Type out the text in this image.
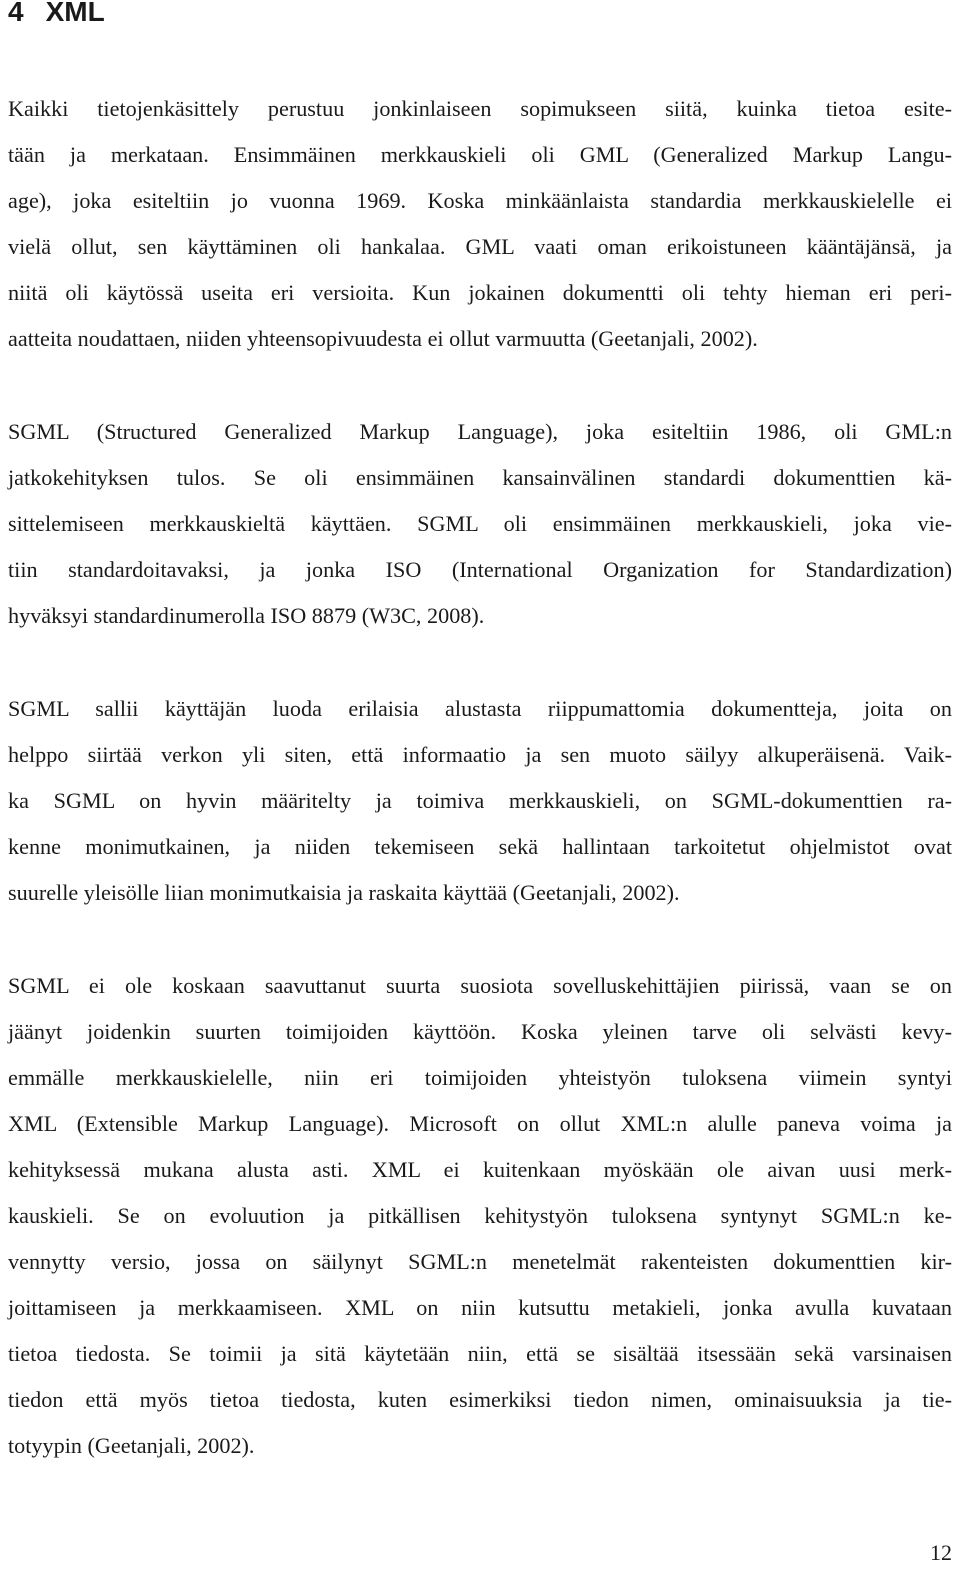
4 XML
Kaikki tietojenkäsittely perustuu jonkinlaiseen sopimukseen siitä, kuinka tietoa esite-
tään ja merkataan. Ensimmäinen merkkauskieli oli GML (Generalized Markup Langu-
age), joka esiteltiin jo vuonna 1969. Koska minkäänlaista standardia merkkauskielelle ei
vielä ollut, sen käyttäminen oli hankalaa. GML vaati oman erikoistuneen kääntäjänsä, ja
niitä oli käytössä useita eri versioita. Kun jokainen dokumentti oli tehty hieman eri peri-
aatteita noudattaen, niiden yhteensopivuudesta ei ollut varmuutta (Geetanjali, 2002).
SGML (Structured Generalized Markup Language), joka esiteltiin 1986, oli GML:n
jatkokehityksen tulos. Se oli ensimmäinen kansainvälinen standardi dokumenttien kä-
sittelemiseen merkkauskieltä käyttäen. SGML oli ensimmäinen merkkauskieli, joka vie-
tiin standardoitavaksi, ja jonka ISO (International Organization for Standardization)
hyväksyi standardinumerolla ISO 8879 (W3C, 2008).
SGML sallii käyttäjän luoda erilaisia alustasta riippumattomia dokumentteja, joita on
helppo siirtää verkon yli siten, että informaatio ja sen muoto säilyy alkuperäisenä. Vaik-
ka SGML on hyvin määritelty ja toimiva merkkauskieli, on SGML-dokumenttien ra-
kenne monimutkainen, ja niiden tekemiseen sekä hallintaan tarkoitetut ohjelmistot ovat
suurelle yleisölle liian monimutkaisia ja raskaita käyttää (Geetanjali, 2002).
SGML ei ole koskaan saavuttanut suurta suosiota sovelluskehittäjien piirissä, vaan se on
jäänyt joidenkin suurten toimijoiden käyttöön. Koska yleinen tarve oli selvästi kevy-
emmälle merkkauskielelle, niin eri toimijoiden yhteistyön tuloksena viimein syntyi
XML (Extensible Markup Language). Microsoft on ollut XML:n alulle paneva voima ja
kehityksessä mukana alusta asti. XML ei kuitenkaan myöskään ole aivan uusi merk-
kauskieli. Se on evoluution ja pitkällisen kehitystyön tuloksena syntynyt SGML:n ke-
vennytty versio, jossa on säilynyt SGML:n menetelmät rakenteisten dokumenttien kir-
joittamiseen ja merkkaamiseen. XML on niin kutsuttu metakieli, jonka avulla kuvataan
tietoa tiedosta. Se toimii ja sitä käytetään niin, että se sisältää itsessään sekä varsinaisen
tiedon että myös tietoa tiedosta, kuten esimerkiksi tiedon nimen, ominaisuuksia ja tie-
totyypin (Geetanjali, 2002).
12
